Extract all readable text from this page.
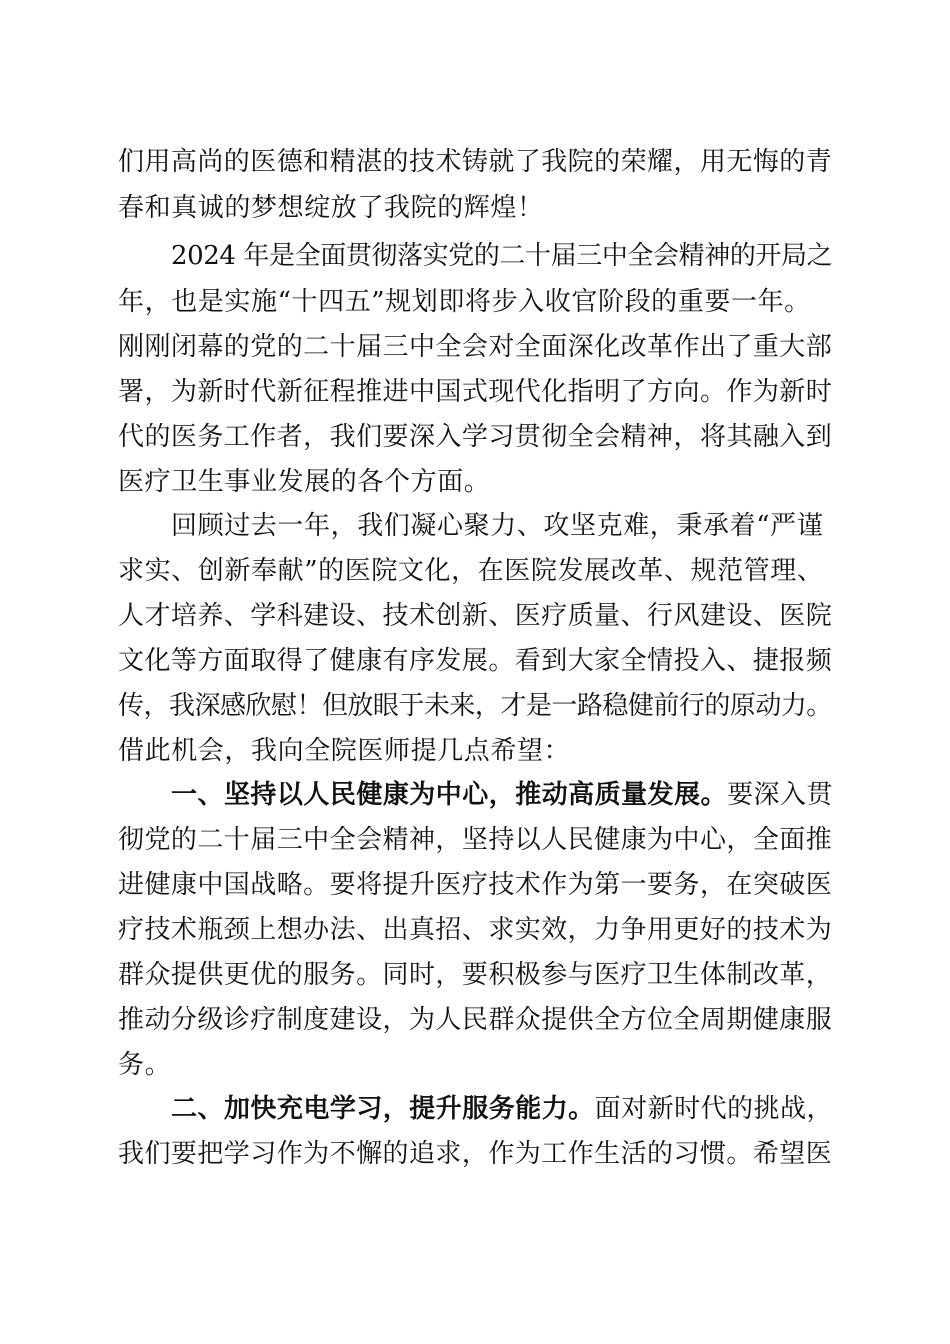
们用高尚的医德和精湛的技术铸就了我院的荣耀，用无悔的青

春和真诚的梦想绽放了我院的辉煌！

2024 年是全面贯彻落实党的二十届三中全会精神的开局之

年，也是实施“十四五”规划即将步入收官阶段的重要一年。

刚刚闭幕的党的二十届三中全会对全面深化改革作出了重大部

署，为新时代新征程推进中国式现代化指明了方向。作为新时

代的医务工作者，我们要深入学习贯彻全会精神，将其融入到

医疗卫生事业发展的各个方面。

回顾过去一年，我们凝心聚力、攻坚克难，秉承着“严谨

求实、创新奉献”的医院文化，在医院发展改革、规范管理、

人才培养、学科建设、技术创新、医疗质量、行风建设、医院

文化等方面取得了健康有序发展。看到大家全情投入、捷报频

传，我深感欣慰！但放眼于未来，才是一路稳健前行的原动力。

借此机会，我向全院医师提几点希望：

一、坚持以人民健康为中心，推动高质量发展。要深入贯

彻党的二十届三中全会精神，坚持以人民健康为中心，全面推

进健康中国战略。要将提升医疗技术作为第一要务，在突破医

疗技术瓶颈上想办法、出真招、求实效，力争用更好的技术为

群众提供更优的服务。同时，要积极参与医疗卫生体制改革，

推动分级诊疗制度建设，为人民群众提供全方位全周期健康服

务。

二、加快充电学习，提升服务能力。面对新时代的挑战，

我们要把学习作为不懈的追求，作为工作生活的习惯。希望医
